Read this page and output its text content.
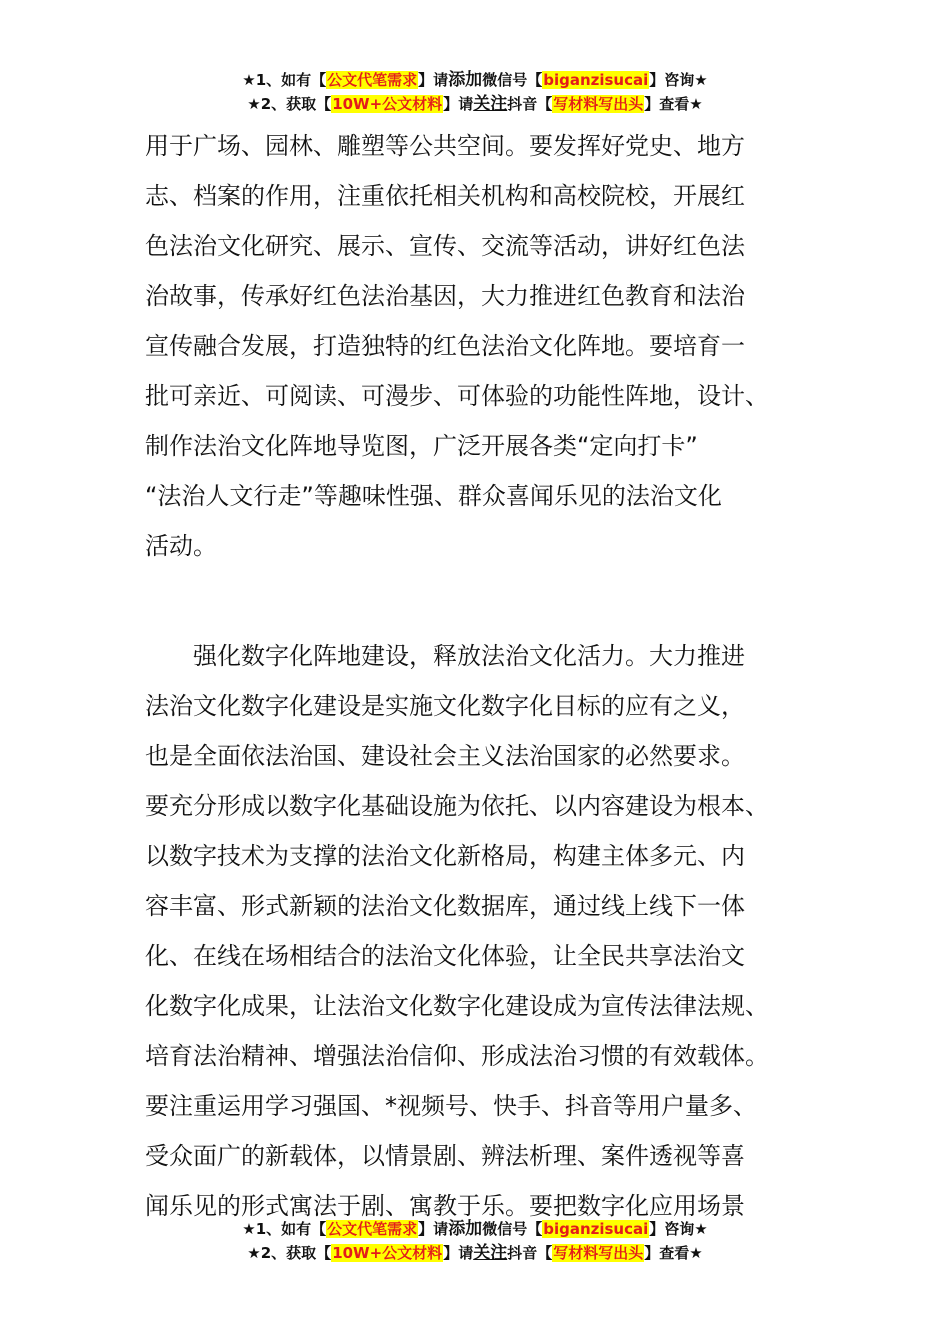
★1、如有【公文代笔需求】请添加微信号【biganzisucai】咨询★
★2、获取【10W+公文材料】请关注抖音【写材料写出头】查看★
用于广场、园林、雕塑等公共空间。要发挥好党史、地方
志、档案的作用，注重依托相关机构和高校院校，开展红
色法治文化研究、展示、宣传、交流等活动，讲好红色法
治故事，传承好红色法治基因，大力推进红色教育和法治
宣传融合发展，打造独特的红色法治文化阵地。要培育一
批可亲近、可阅读、可漫步、可体验的功能性阵地，设计、
制作法治文化阵地导览图，广泛开展各类“定向打卡”
“法治人文行走”等趣味性强、群众喜闻乐见的法治文化
活动。
强化数字化阵地建设，释放法治文化活力。大力推进
法治文化数字化建设是实施文化数字化目标的应有之义，
也是全面依法治国、建设社会主义法治国家的必然要求。
要充分形成以数字化基础设施为依托、以内容建设为根本、
以数字技术为支撑的法治文化新格局，构建主体多元、内
容丰富、形式新颖的法治文化数据库，通过线上线下一体
化、在线在场相结合的法治文化体验，让全民共享法治文
化数字化成果，让法治文化数字化建设成为宣传法律法规、
培育法治精神、增强法治信仰、形成法治习惯的有效载体。
要注重运用学习强国、*视频号、快手、抖音等用户量多、
受众面广的新载体，以情景剧、辨法析理、案件透视等喜
闻乐见的形式寓法于剧、寓教于乐。要把数字化应用场景
★1、如有【公文代笔需求】请添加微信号【biganzisucai】咨询★
★2、获取【10W+公文材料】请关注抖音【写材料写出头】查看★
